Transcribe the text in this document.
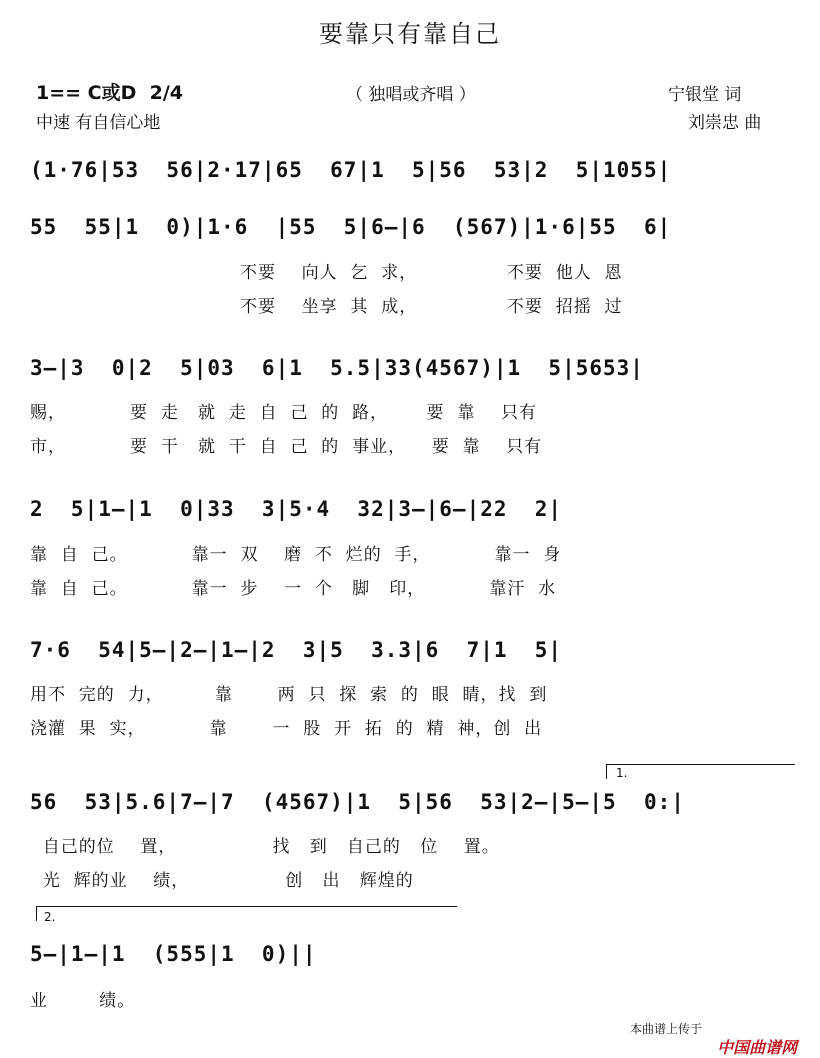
要靠只有靠自己
1== C或D  2/4	（ 独唱或齐唱 ）	宁银堂 词
中速 有自信心地	刘崇忠 曲
(1·76|53  56|2·17|65  67|1  5|56  53|2  5|1055|
55  55|1  0)|1·6  |55  5|6—|6  (567)|1·6|55  6|
不要    向人  乞  求，              不要  他人  恩
不要    坐享  其  成，              不要  招摇  过
3—|3  0|2  5|03  6|1  5.5|33(4567)|1  5|5653|
赐，          要  走   就  走  自  己  的  路，      要  靠    只有
市，          要  干   就  干  自  己  的  事业，    要  靠    只有
2  5|1—|1  0|33  3|5·4  32|3—|6—|22  2|
靠  自  己。          靠一  双    磨  不  烂的  手，          靠一  身
靠  自  己。          靠一  步    一  个   脚   印，          靠汗  水
7·6  54|5—|2—|1—|2  3|5  3.3|6  7|1  5|
用不  完的  力，        靠       两  只  探  索  的  眼  睛，找  到
浇灌  果  实，          靠       一  股  开  拓  的  精  神，创  出
1.
56  53|5.6|7—|7  (4567)|1  5|56  53|2—|5—|5  0:|
自己的位    置，               找   到   自己的   位    置。
光  辉的业    绩，               创   出   辉煌的
2.
5—|1—|1  (555|1  0)||
业        绩。
本曲谱上传于

中国曲谱网
